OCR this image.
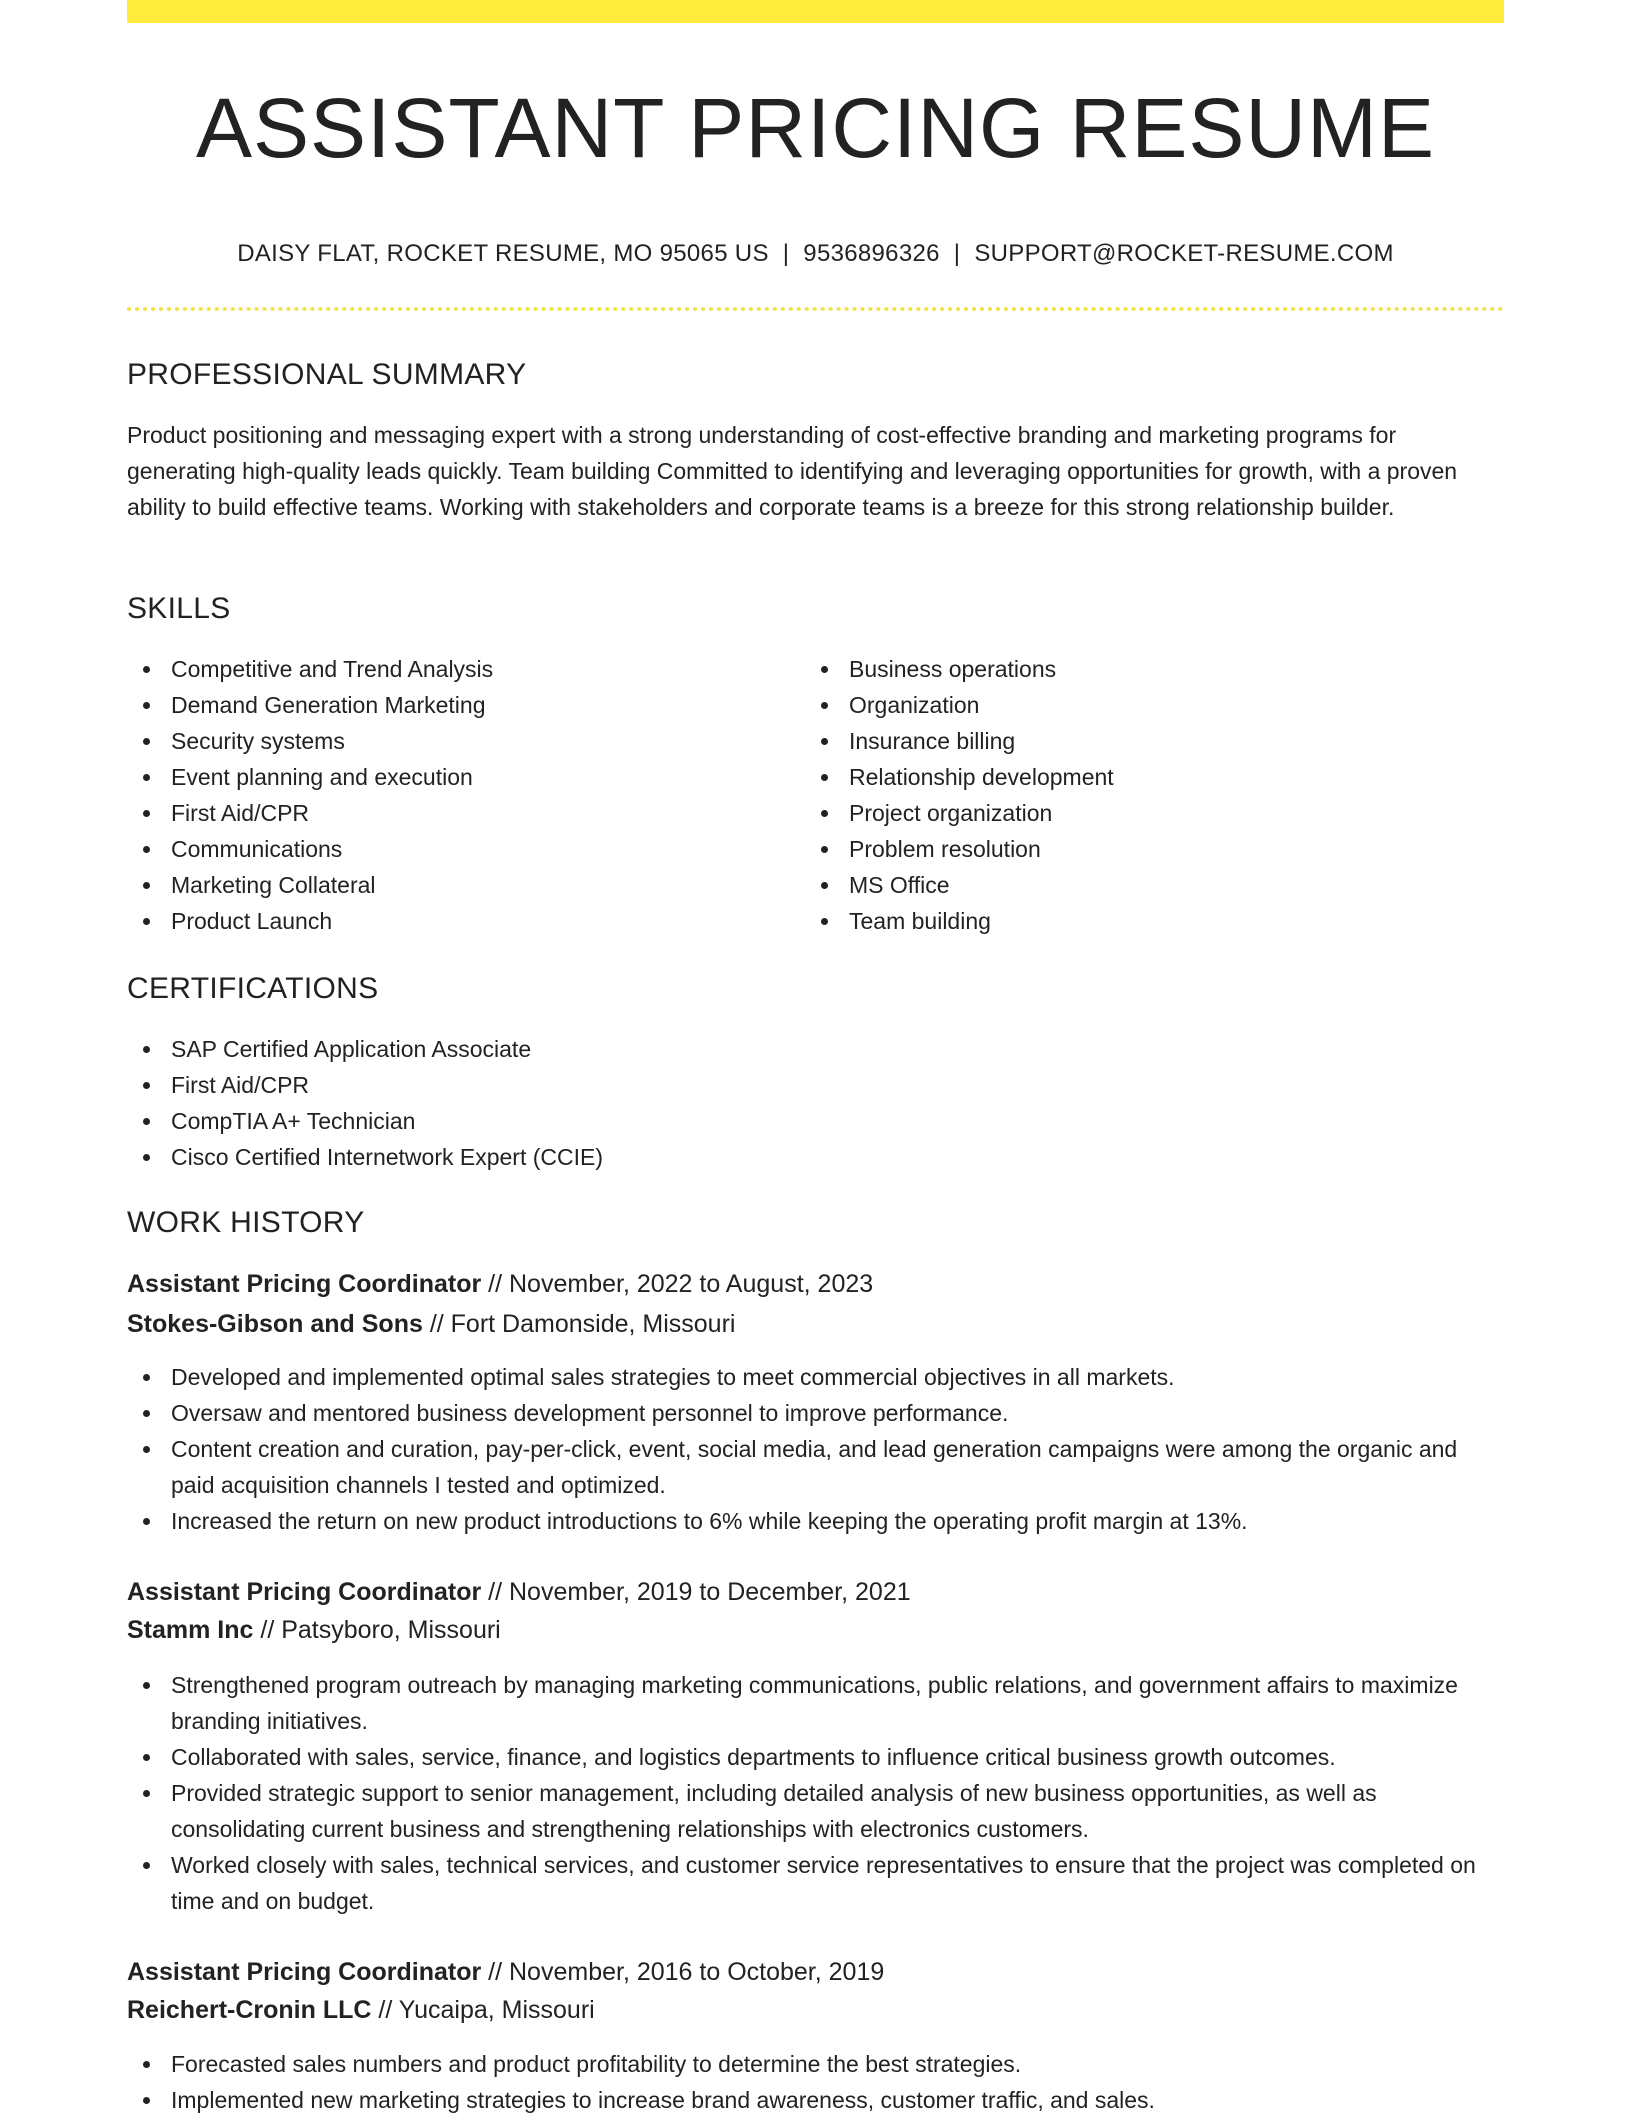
ASSISTANT PRICING RESUME
DAISY FLAT, ROCKET RESUME, MO 95065 US | 9536896326 | SUPPORT@ROCKET-RESUME.COM
PROFESSIONAL SUMMARY

Product positioning and messaging expert with a strong understanding of cost-effective branding and marketing programs for generating high-quality leads quickly. Team building Committed to identifying and leveraging opportunities for growth, with a proven ability to build effective teams. Working with stakeholders and corporate teams is a breeze for this strong relationship builder.

SKILLS
Competitive and Trend Analysis
Demand Generation Marketing
Security systems
Event planning and execution
First Aid/CPR
Communications
Marketing Collateral
Product Launch
Business operations
Organization
Insurance billing
Relationship development
Project organization
Problem resolution
MS Office
Team building
CERTIFICATIONS
SAP Certified Application Associate
First Aid/CPR
CompTIA A+ Technician
Cisco Certified Internetwork Expert (CCIE)
WORK HISTORY
Assistant Pricing Coordinator // November, 2022 to August, 2023
Stokes-Gibson and Sons // Fort Damonside, Missouri
Developed and implemented optimal sales strategies to meet commercial objectives in all markets.
Oversaw and mentored business development personnel to improve performance.
Content creation and curation, pay-per-click, event, social media, and lead generation campaigns were among the organic and paid acquisition channels I tested and optimized.
Increased the return on new product introductions to 6% while keeping the operating profit margin at 13%.
Assistant Pricing Coordinator // November, 2019 to December, 2021
Stamm Inc // Patsyboro, Missouri
Strengthened program outreach by managing marketing communications, public relations, and government affairs to maximize branding initiatives.
Collaborated with sales, service, finance, and logistics departments to influence critical business growth outcomes.
Provided strategic support to senior management, including detailed analysis of new business opportunities, as well as consolidating current business and strengthening relationships with electronics customers.
Worked closely with sales, technical services, and customer service representatives to ensure that the project was completed on time and on budget.
Assistant Pricing Coordinator // November, 2016 to October, 2019
Reichert-Cronin LLC // Yucaipa, Missouri
Forecasted sales numbers and product profitability to determine the best strategies.
Implemented new marketing strategies to increase brand awareness, customer traffic, and sales.
